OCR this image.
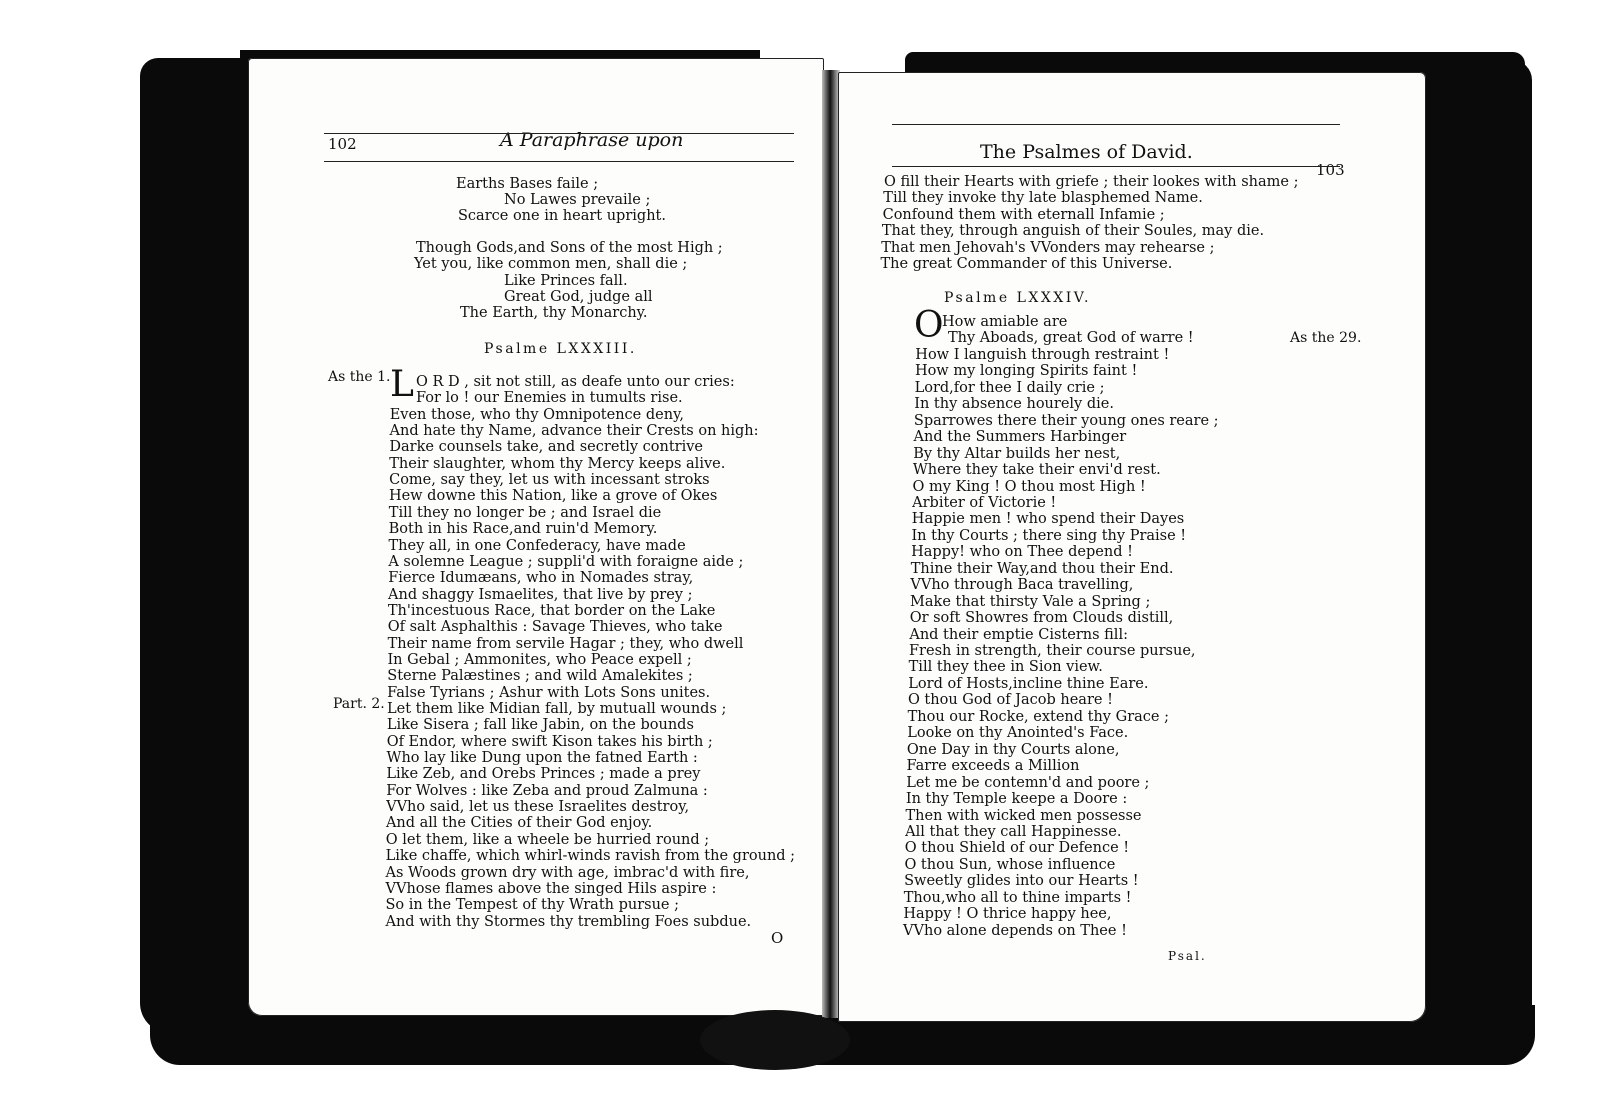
102	A Paraphrase upon
Earths Bases faile ;
No Lawes prevaile ;
Scarce one in heart upright.
Though Gods,and Sons of the most High ;
Yet you, like common men, shall die ;
Like Princes fall.
Great God, judge all
The Earth, thy Monarchy.
Psalme LXXXIII.
As the 1.
Part. 2.
L O R D , sit not still, as deafe unto our cries:
For lo ! our Enemies in tumults rise.
Even those, who thy Omnipotence deny,
And hate thy Name, advance their Crests on high:
Darke counsels take, and secretly contrive
Their slaughter, whom thy Mercy keeps alive.
Come, say they, let us with incessant stroks
Hew downe this Nation, like a grove of Okes
Till they no longer be ; and Israel die
Both in his Race,and ruin'd Memory.
They all, in one Confederacy, have made
A solemne League ; suppli'd with foraigne aide ;
Fierce Idumæans, who in Nomades stray,
And shaggy Ismaelites, that live by prey ;
Th'incestuous Race, that border on the Lake
Of salt Asphalthis : Savage Thieves, who take
Their name from servile Hagar ; they, who dwell
In Gebal ; Ammonites, who Peace expell ;
Sterne Palæstines ; and wild Amalekites ;
False Tyrians ; Ashur with Lots Sons unites.
Let them like Midian fall, by mutuall wounds ;
Like Sisera ; fall like Jabin, on the bounds
Of Endor, where swift Kison takes his birth ;
Who lay like Dung upon the fatned Earth :
Like Zeb, and Orebs Princes ; made a prey
For Wolves : like Zeba and proud Zalmuna :
VVho said, let us these Israelites destroy,
And all the Cities of their God enjoy.
O let them, like a wheele be hurried round ;
Like chaffe, which whirl-winds ravish from the ground ;
As Woods grown dry with age, imbrac'd with fire,
VVhose flames above the singed Hils aspire :
So in the Tempest of thy Wrath pursue ;
And with thy Stormes thy trembling Foes subdue.
O
The Psalmes of David.
103
O fill their Hearts with griefe ; their lookes with shame ;
Till they invoke thy late blasphemed Name.
Confound them with eternall Infamie ;
That they, through anguish of their Soules, may die.
That men Jehovah's VVonders may rehearse ;
The great Commander of this Universe.
Psalme LXXXIV.
As the 29.
O
How amiable are
Thy Aboads, great God of warre !
How I languish through restraint !
How my longing Spirits faint !
Lord,for thee I daily crie ;
In thy absence hourely die.
Sparrowes there their young ones reare ;
And the Summers Harbinger
By thy Altar builds her nest,
Where they take their envi'd rest.
O my King ! O thou most High !
Arbiter of Victorie !
Happie men ! who spend their Dayes
In thy Courts ; there sing thy Praise !
Happy! who on Thee depend !
Thine their Way,and thou their End.
VVho through Baca travelling,
Make that thirsty Vale a Spring ;
Or soft Showres from Clouds distill,
And their emptie Cisterns fill:
Fresh in strength, their course pursue,
Till they thee in Sion view.
Lord of Hosts,incline thine Eare.
O thou God of Jacob heare !
Thou our Rocke, extend thy Grace ;
Looke on thy Anointed's Face.
One Day in thy Courts alone,
Farre exceeds a Million
Let me be contemn'd and poore ;
In thy Temple keepe a Doore :
Then with wicked men possesse
All that they call Happinesse.
O thou Shield of our Defence !
O thou Sun, whose influence
Sweetly glides into our Hearts !
Thou,who all to thine imparts !
Happy ! O thrice happy hee,
VVho alone depends on Thee !
Psal.
